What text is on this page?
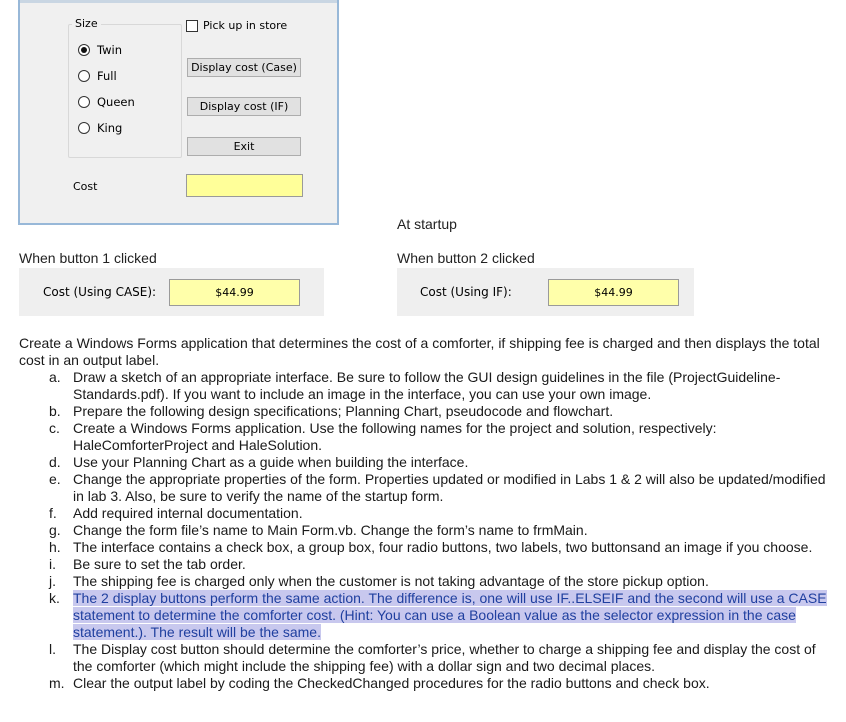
Size
Twin
Full
Queen
King
Pick up in store
Display cost (Case)
Display cost (IF)
Exit
Cost
At startup
When button 1 clicked	When button 2 clicked
Cost (Using CASE):	$44.99	Cost (Using IF):	$44.99

Create a Windows Forms application that determines the cost of a comforter, if shipping fee is charged and then displays the total cost in an output label.

a. Draw a sketch of an appropriate interface. Be sure to follow the GUI design guidelines in the file (ProjectGuideline-Standards.pdf). If you want to include an image in the interface, you can use your own image.
b. Prepare the following design specifications; Planning Chart, pseudocode and flowchart.
c. Create a Windows Forms application. Use the following names for the project and solution, respectively: HaleComforterProject and HaleSolution.
d. Use your Planning Chart as a guide when building the interface.
e. Change the appropriate properties of the form. Properties updated or modified in Labs 1 & 2 will also be updated/modified in lab 3. Also, be sure to verify the name of the startup form.
f.	Add required internal documentation.
g. Change the form file’s name to Main Form.vb. Change the form’s name to frmMain.
h. The interface contains a check box, a group box, four radio buttons, two labels, two buttonsand an image if you choose.
i.	Be sure to set the tab order.
j.	The shipping fee is charged only when the customer is not taking advantage of the store pickup option.
k. The 2 display buttons perform the same action. The difference is, one will use IF..ELSEIF and the second will use a CASE statement to determine the comforter cost. (Hint: You can use a Boolean value as the selector expression in the case statement.). The result will be the same.
l.	The Display cost button should determine the comforter’s price, whether to charge a shipping fee and display the cost of the comforter (which might include the shipping fee) with a dollar sign and two decimal places.
m. Clear the output label by coding the CheckedChanged procedures for the radio buttons and check box.
